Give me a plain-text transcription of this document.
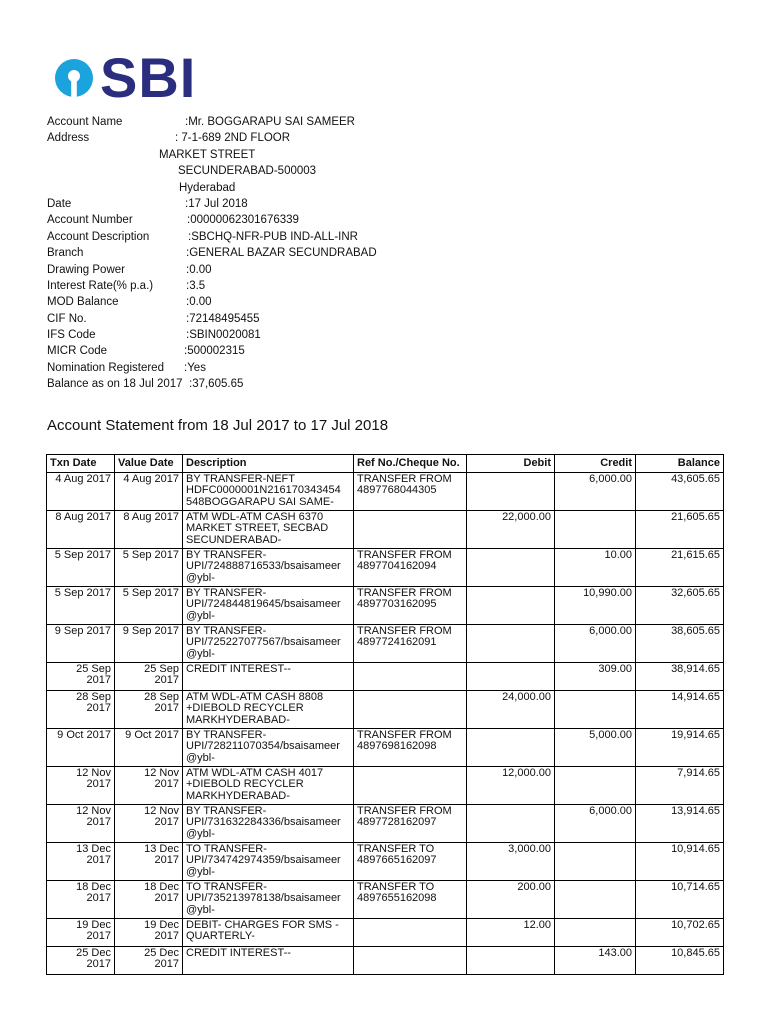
SBI
Account Name	:Mr. BOGGARAPU SAI SAMEER
Address	: 7-1-689 2ND FLOOR
MARKET STREET
SECUNDERABAD-500003
Hyderabad
Date	:17 Jul 2018
Account Number	:00000062301676339
Account Description	:SBCHQ-NFR-PUB IND-ALL-INR
Branch	:GENERAL BAZAR SECUNDRABAD
Drawing Power	:0.00
Interest Rate(% p.a.)	:3.5
MOD Balance	:0.00
CIF No.	:72148495455
IFS Code	:SBIN0020081
MICR Code	:500002315
Nomination Registered :Yes
Balance as on 18 Jul 2017 :37,605.65
Account Statement from 18 Jul 2017 to 17 Jul 2018
Txn Date	Value Date	Description	Ref No./Cheque No.	Debit	Credit	Balance
4 Aug 2017	4 Aug 2017	BY TRANSFER-NEFT HDFC0000001N216170343454 548BOGGARAPU SAI SAME-	TRANSFER FROM 4897768044305		6,000.00	43,605.65
8 Aug 2017	8 Aug 2017	ATM WDL-ATM CASH 6370 MARKET STREET, SECBAD SECUNDERABAD-		22,000.00		21,605.65
5 Sep 2017	5 Sep 2017	BY TRANSFER- UPI/724888716533/bsaisameer @ybl-	TRANSFER FROM 4897704162094		10.00	21,615.65
5 Sep 2017	5 Sep 2017	BY TRANSFER- UPI/724844819645/bsaisameer @ybl-	TRANSFER FROM 4897703162095		10,990.00	32,605.65
9 Sep 2017	9 Sep 2017	BY TRANSFER- UPI/725227077567/bsaisameer @ybl-	TRANSFER FROM 4897724162091		6,000.00	38,605.65
25 Sep 2017	25 Sep 2017	CREDIT INTEREST--			309.00	38,914.65
28 Sep 2017	28 Sep 2017	ATM WDL-ATM CASH 8808 +DIEBOLD RECYCLER MARKHYDERABAD-		24,000.00		14,914.65
9 Oct 2017	9 Oct 2017	BY TRANSFER- UPI/728211070354/bsaisameer @ybl-	TRANSFER FROM 4897698162098		5,000.00	19,914.65
12 Nov 2017	12 Nov 2017	ATM WDL-ATM CASH 4017 +DIEBOLD RECYCLER MARKHYDERABAD-		12,000.00		7,914.65
12 Nov 2017	12 Nov 2017	BY TRANSFER- UPI/731632284336/bsaisameer @ybl-	TRANSFER FROM 4897728162097		6,000.00	13,914.65
13 Dec 2017	13 Dec 2017	TO TRANSFER- UPI/734742974359/bsaisameer @ybl-	TRANSFER TO 4897665162097	3,000.00		10,914.65
18 Dec 2017	18 Dec 2017	TO TRANSFER- UPI/735213978138/bsaisameer @ybl-	TRANSFER TO 4897655162098	200.00		10,714.65
19 Dec 2017	19 Dec 2017	DEBIT- CHARGES FOR SMS - QUARTERLY-		12.00		10,702.65
25 Dec 2017	25 Dec 2017	CREDIT INTEREST--			143.00	10,845.65
